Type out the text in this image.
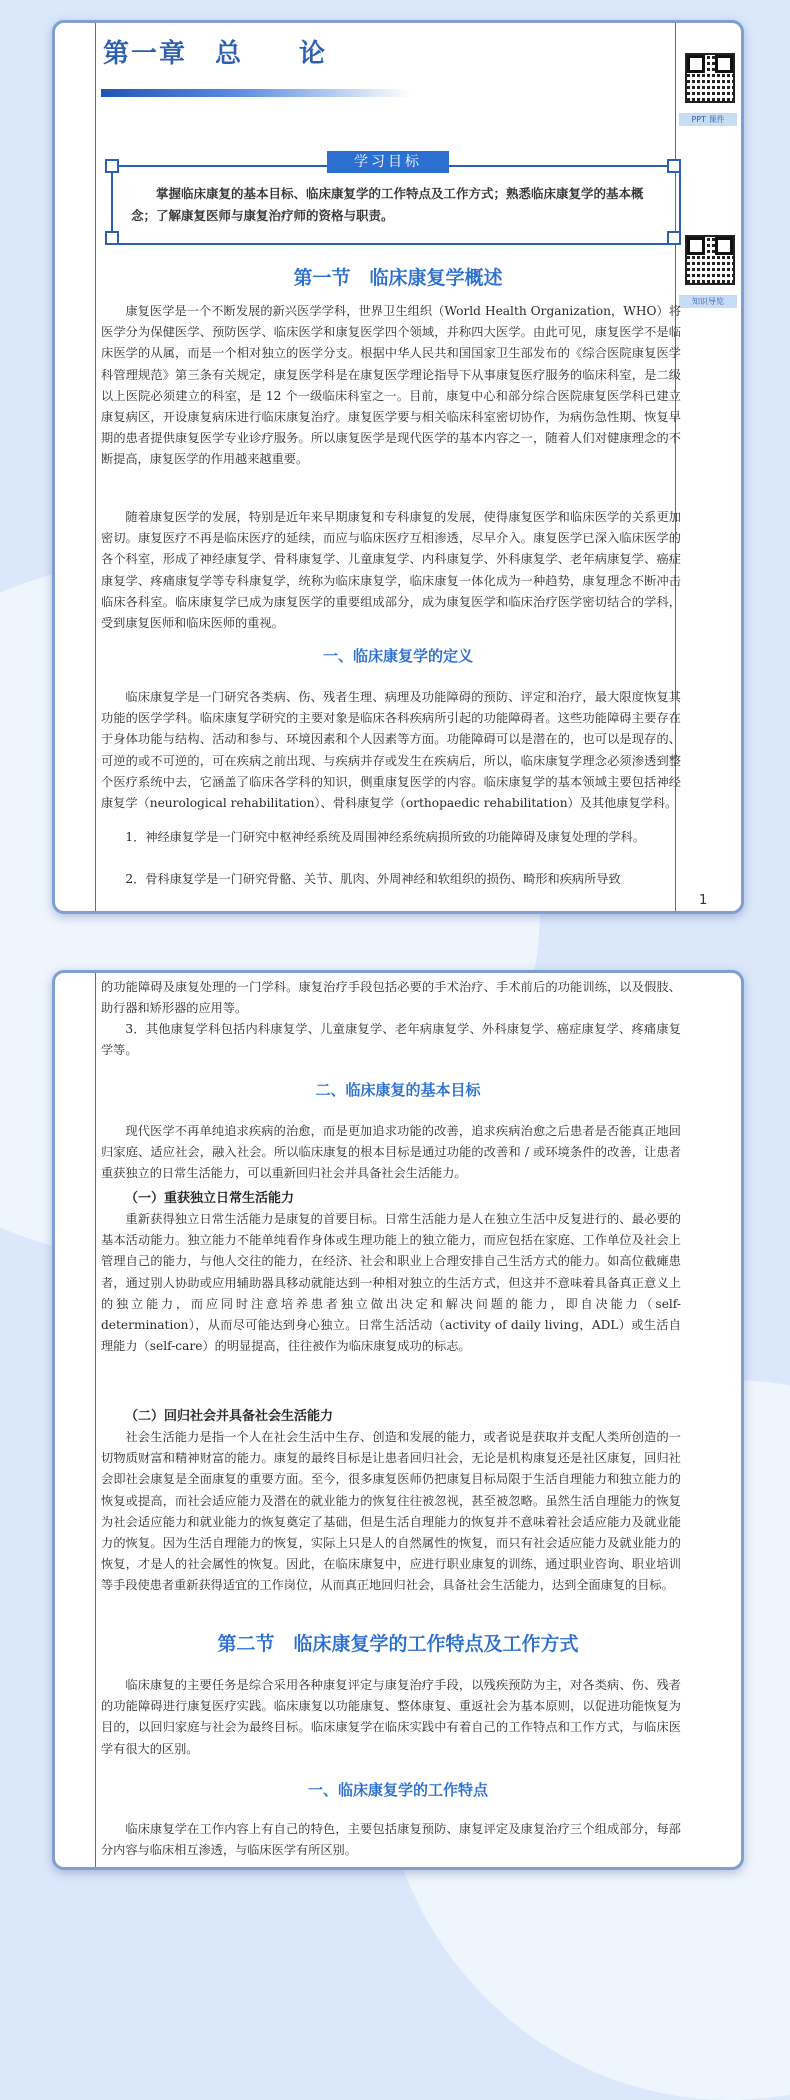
第一章　总　　论
PPT 课件
知识导览
学习目标
掌握临床康复的基本目标、临床康复学的工作特点及工作方式；熟悉临床康复学的基本概念；了解康复医师与康复治疗师的资格与职责。
第一节　临床康复学概述
康复医学是一个不断发展的新兴医学学科，世界卫生组织（World Health Organization，WHO）将医学分为保健医学、预防医学、临床医学和康复医学四个领域，并称四大医学。由此可见，康复医学不是临床医学的从属，而是一个相对独立的医学分支。根据中华人民共和国国家卫生部发布的《综合医院康复医学科管理规范》第三条有关规定，康复医学科是在康复医学理论指导下从事康复医疗服务的临床科室，是二级以上医院必须建立的科室，是 12 个一级临床科室之一。目前，康复中心和部分综合医院康复医学科已建立康复病区，开设康复病床进行临床康复治疗。康复医学要与相关临床科室密切协作，为病伤急性期、恢复早期的患者提供康复医学专业诊疗服务。所以康复医学是现代医学的基本内容之一，随着人们对健康理念的不断提高，康复医学的作用越来越重要。
随着康复医学的发展，特别是近年来早期康复和专科康复的发展，使得康复医学和临床医学的关系更加密切。康复医疗不再是临床医疗的延续，而应与临床医疗互相渗透，尽早介入。康复医学已深入临床医学的各个科室，形成了神经康复学、骨科康复学、儿童康复学、内科康复学、外科康复学、老年病康复学、癌症康复学、疼痛康复学等专科康复学，统称为临床康复学，临床康复一体化成为一种趋势，康复理念不断冲击临床各科室。临床康复学已成为康复医学的重要组成部分，成为康复医学和临床治疗医学密切结合的学科，受到康复医师和临床医师的重视。
一、临床康复学的定义
临床康复学是一门研究各类病、伤、残者生理、病理及功能障碍的预防、评定和治疗，最大限度恢复其功能的医学学科。临床康复学研究的主要对象是临床各科疾病所引起的功能障碍者。这些功能障碍主要存在于身体功能与结构、活动和参与、环境因素和个人因素等方面。功能障碍可以是潜在的，也可以是现存的、可逆的或不可逆的，可在疾病之前出现、与疾病并存或发生在疾病后，所以，临床康复学理念必须渗透到整个医疗系统中去，它涵盖了临床各学科的知识，侧重康复医学的内容。临床康复学的基本领域主要包括神经康复学（neurological rehabilitation）、骨科康复学（orthopaedic rehabilitation）及其他康复学科。
1．神经康复学是一门研究中枢神经系统及周围神经系统病损所致的功能障碍及康复处理的学科。
2．骨科康复学是一门研究骨骼、关节、肌肉、外周神经和软组织的损伤、畸形和疾病所导致
1
的功能障碍及康复处理的一门学科。康复治疗手段包括必要的手术治疗、手术前后的功能训练，以及假肢、助行器和矫形器的应用等。
3．其他康复学科包括内科康复学、儿童康复学、老年病康复学、外科康复学、癌症康复学、疼痛康复学等。
二、临床康复的基本目标
现代医学不再单纯追求疾病的治愈，而是更加追求功能的改善，追求疾病治愈之后患者是否能真正地回归家庭、适应社会，融入社会。所以临床康复的根本目标是通过功能的改善和 / 或环境条件的改善，让患者重获独立的日常生活能力，可以重新回归社会并具备社会生活能力。
（一）重获独立日常生活能力
重新获得独立日常生活能力是康复的首要目标。日常生活能力是人在独立生活中反复进行的、最必要的基本活动能力。独立能力不能单纯看作身体或生理功能上的独立能力，而应包括在家庭、工作单位及社会上管理自己的能力，与他人交往的能力，在经济、社会和职业上合理安排自己生活方式的能力。如高位截瘫患者，通过别人协助或应用辅助器具移动就能达到一种相对独立的生活方式，但这并不意味着具备真正意义上的独立能力，而应同时注意培养患者独立做出决定和解决问题的能力，即自决能力（self-determination），从而尽可能达到身心独立。日常生活活动（activity of daily living，ADL）或生活自理能力（self-care）的明显提高，往往被作为临床康复成功的标志。
（二）回归社会并具备社会生活能力
社会生活能力是指一个人在社会生活中生存、创造和发展的能力，或者说是获取并支配人类所创造的一切物质财富和精神财富的能力。康复的最终目标是让患者回归社会，无论是机构康复还是社区康复，回归社会即社会康复是全面康复的重要方面。至今，很多康复医师仍把康复目标局限于生活自理能力和独立能力的恢复或提高，而社会适应能力及潜在的就业能力的恢复往往被忽视，甚至被忽略。虽然生活自理能力的恢复为社会适应能力和就业能力的恢复奠定了基础，但是生活自理能力的恢复并不意味着社会适应能力及就业能力的恢复。因为生活自理能力的恢复，实际上只是人的自然属性的恢复，而只有社会适应能力及就业能力的恢复，才是人的社会属性的恢复。因此，在临床康复中，应进行职业康复的训练，通过职业咨询、职业培训等手段使患者重新获得适宜的工作岗位，从而真正地回归社会，具备社会生活能力，达到全面康复的目标。
第二节　临床康复学的工作特点及工作方式
临床康复的主要任务是综合采用各种康复评定与康复治疗手段，以残疾预防为主，对各类病、伤、残者的功能障碍进行康复医疗实践。临床康复以功能康复、整体康复、重返社会为基本原则，以促进功能恢复为目的，以回归家庭与社会为最终目标。临床康复学在临床实践中有着自己的工作特点和工作方式，与临床医学有很大的区别。
一、临床康复学的工作特点
临床康复学在工作内容上有自己的特色，主要包括康复预防、康复评定及康复治疗三个组成部分，每部分内容与临床相互渗透，与临床医学有所区别。
